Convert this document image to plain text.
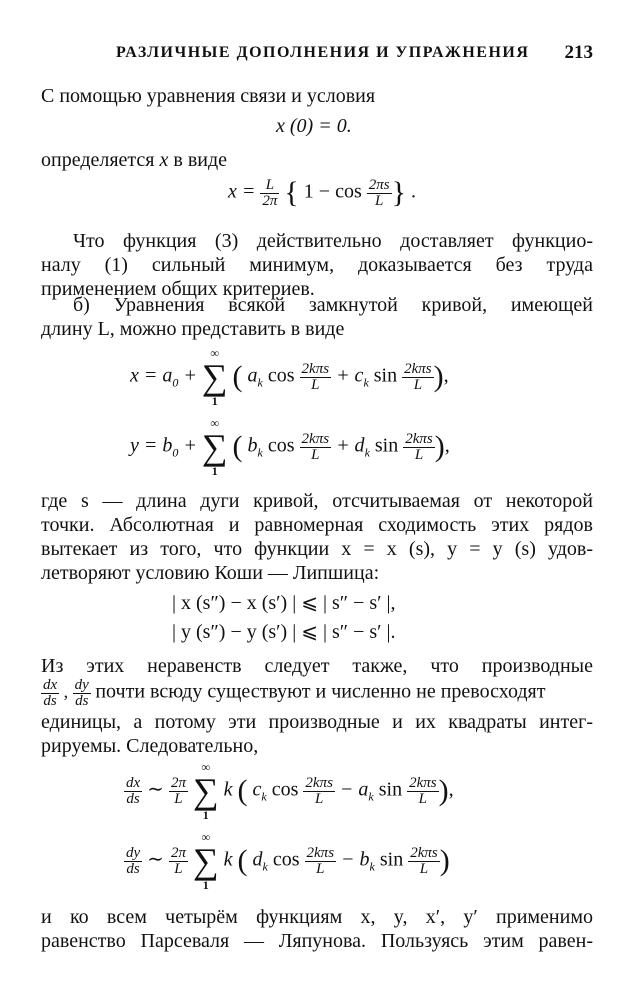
РАЗЛИЧНЫЕ ДОПОЛНЕНИЯ И УПРАЖНЕНИЯ 213
С помощью уравнения связи и условия
x (0) = 0.
определяется x в виде
$x = \frac{L}{2\pi}$ { $1 - \cos \frac{2\pi s}{L}$ } .
Что функция (3) действительно доставляет функцио-
налу (1) сильный минимум, доказывается без труда
применением общих критериев.
б) Уравнения всякой замкнутой кривой, имеющей
длину L, можно представить в виде
$x = a_0$ +
∞
∑
1
( $a_k$ $\cos \frac{\text{2kπs}}{L} + c_k$ $\sin \frac{\text{2kπs}}{L}$ ),
$y = b_0$ +
∞
∑
1
( $b_k$ $\cos \frac{\text{2kπs}}{L} + d_k$ $\sin \frac{\text{2kπs}}{L}$ ),
где s — длина дуги кривой, отсчитываемая от некоторой
точки. Абсолютная и равномерная сходимость этих рядов
вытекает из того, что функции x = x (s), y = y (s) удов-
летворяют условию Коши — Липшица:
| x (s″) − x (s′) | ⩽ | s″ − s′ |,
| y (s″) − y (s′) | ⩽ | s″ − s′ |.
Из этих неравенств следует также, что производные
$\frac{dx}{ds}$ , $\frac{dy}{ds}$ почти всюду существуют и численно не превосходят
единицы, а потому эти производные и их квадраты интег-
рируемы. Следовательно,
$\frac{dx}{ds}$ ∼ $\frac{2\pi}{L}$

∞
∑
1
k ( $c_k$ $\cos \frac{\text{2kπs}}{L} - a_k$ $\sin \frac{\text{2kπs}}{L}$ ),
$\frac{dy}{ds}$ ∼ $\frac{2\pi}{L}$

∞
∑
1
k ( $d_k$ $\cos \frac{\text{2kπs}}{L} - b_k$ $\sin \frac{\text{2kπs}}{L}$ )
и ко всем четырём функциям x, y, x′, y′ применимо
равенство Парсеваля — Ляпунова. Пользуясь этим равен-
